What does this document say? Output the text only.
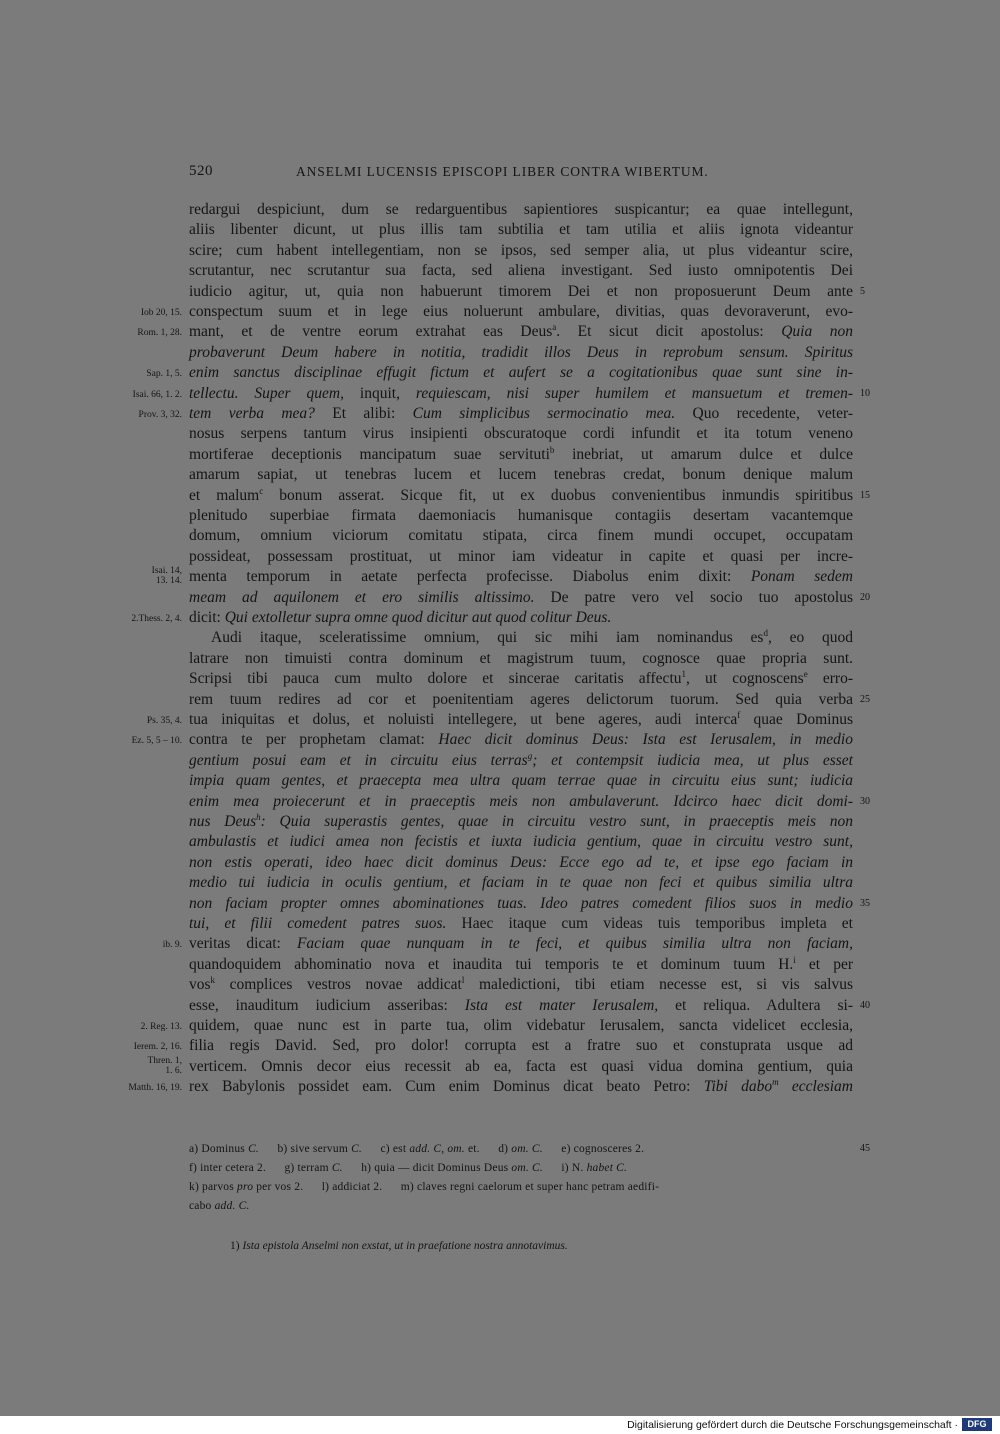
520	ANSELMI LUCENSIS EPISCOPI LIBER CONTRA WIBERTUM.
redargui despiciunt, dum se redarguentibus sapientiores suspicantur; ea quae intellegunt,
aliis libenter dicunt, ut plus illis tam subtilia et tam utilia et aliis ignota videantur
scire; cum habent intellegentiam, non se ipsos, sed semper alia, ut plus videantur scire,
scrutantur, nec scrutantur sua facta, sed aliena investigant. Sed iusto omnipotentis Dei
iudicio agitur, ut, quia non habuerunt timorem Dei et non proposuerunt Deum ante 5
conspectum suum et in lege eius noluerunt ambulare, divitias, quas devoraverunt, evo-
Iob 20, 15.
mant, et de ventre eorum extrahat eas Deus$^a$. Et sicut dicit apostolus: Quia non
Rom. 1, 28.
probaverunt Deum habere in notitia, tradidit illos Deus in reprobum sensum. Spiritus
enim sanctus disciplinae effugit fictum et aufert se a cogitationibus quae sunt sine in-
Sap. 1, 5.
tellectu. Super quem, inquit, requiescam, nisi super humilem et mansuetum et tremen-
Isai. 66, 1. 2.	10
tem verba mea? Et alibi: Cum simplicibus sermocinatio mea. Quo recedente, veter-
Prov. 3, 32.
nosus serpens tantum virus insipienti obscuratoque cordi infundit et ita totum veneno
mortiferae deceptionis mancipatum suae servituti$^b$ inebriat, ut amarum dulce et dulce
amarum sapiat, ut tenebras lucem et lucem tenebras credat, bonum denique malum
et malum$^c$ bonum asserat. Sicque fit, ut ex duobus convenientibus inmundis spiritibus 15
plenitudo superbiae firmata daemoniacis humanisque contagiis desertam vacantemque
domum, omnium viciorum comitatu stipata, circa finem mundi occupet, occupatam
possideat, possessam prostituat, ut minor iam videatur in capite et quasi per incre-
menta temporum in aetate perfecta profecisse. Diabolus enim dixit: Ponam sedem
Isai. 14,
13. 14.
meam ad aquilonem et ero similis altissimo. De patre vero vel socio tuo apostolus 20
dicit: Qui extolletur supra omne quod dicitur aut quod colitur Deus.
2.Thess. 2, 4.
Audi itaque, sceleratissime omnium, qui sic mihi iam nominandus $es^d$, eo quod
latrare non timuisti contra dominum et magistrum tuum, cognosce quae propria sunt.
Scripsi tibi pauca cum multo dolore et sincerae caritatis affectu$^1$, ut cognoscens$^e$ erro-
rem tuum redires ad cor et poenitentiam ageres delictorum tuorum. Sed quia verba 25
tua iniquitas et dolus, et noluisti intellegere, ut bene ageres, audi interca$^f$ quae Dominus
Ps. 35, 4.
contra te per prophetam clamat: Haec dicit dominus Deus: Ista est Ierusalem, in medio
Ez. 5, 5 – 10.
gentium posui eam et in circuitu eius terras$^g$; et contempsit iudicia mea, ut plus esset
impia quam gentes, et praecepta mea ultra quam terrae quae in circuitu eius sunt; iudicia
enim mea proiecerunt et in praeceptis meis non ambulaverunt. Idcirco haec dicit domi- 30
nus Deus$^h$: Quia superastis gentes, quae in circuitu vestro sunt, in praeceptis meis non
ambulastis et iudici amea non fecistis et iuxta iudicia gentium, quae in circuitu vestro sunt,
non estis operati, ideo haec dicit dominus Deus: Ecce ego ad te, et ipse ego faciam in
medio tui iudicia in oculis gentium, et faciam in te quae non feci et quibus similia ultra
non faciam propter omnes abominationes tuas. Ideo patres comedent filios suos in medio 35
tui, et filii comedent patres suos. Haec itaque cum videas tuis temporibus impleta et
veritas dicat: Faciam quae nunquam in te feci, et quibus similia ultra non faciam,
ib. 9.
quandoquidem abhominatio nova et inaudita tui temporis te et dominum tuum H.$^i$ et per
vos$^k$ complices vestros novae addicat$^l$ maledictioni, tibi etiam necesse est, si vis salvus
esse, inauditum iudicium asseribas: Ista est mater Ierusalem, et reliqua. Adultera si- 40
quidem, quae nunc est in parte tua, olim videbatur Ierusalem, sancta videlicet ecclesia,
2. Reg. 13.
filia regis David. Sed, pro dolor! corrupta est a fratre suo et constuprata usque ad
Ierem. 2, 16.
verticem. Omnis decor eius recessit ab ea, facta est quasi vidua domina gentium, quia
Thren. 1,
1. 6.
rex Babylonis possidet eam. Cum enim Dominus dicat beato Petro: Tibi dabo$^m$ ecclesiam
Matth. 16, 19.
a) Dominus C.      b) sive servum C.      c) est add. C, om. et.      d) om. C.      e) cognosceres 2.
f) inter cetera 2.      g) terram C.      h) quia — dicit Dominus Deus om. C.      i) N. habet C.
k) parvos pro per vos 2.      l) addiciat 2.      m) claves regni caelorum et super hanc petram aedifi-
cabo add. C.
45
1) Ista epistola Anselmi non exstat, ut in praefatione nostra annotavimus.
Digitalisierung gefördert durch die Deutsche Forschungsgemeinschaft ·	DFG
